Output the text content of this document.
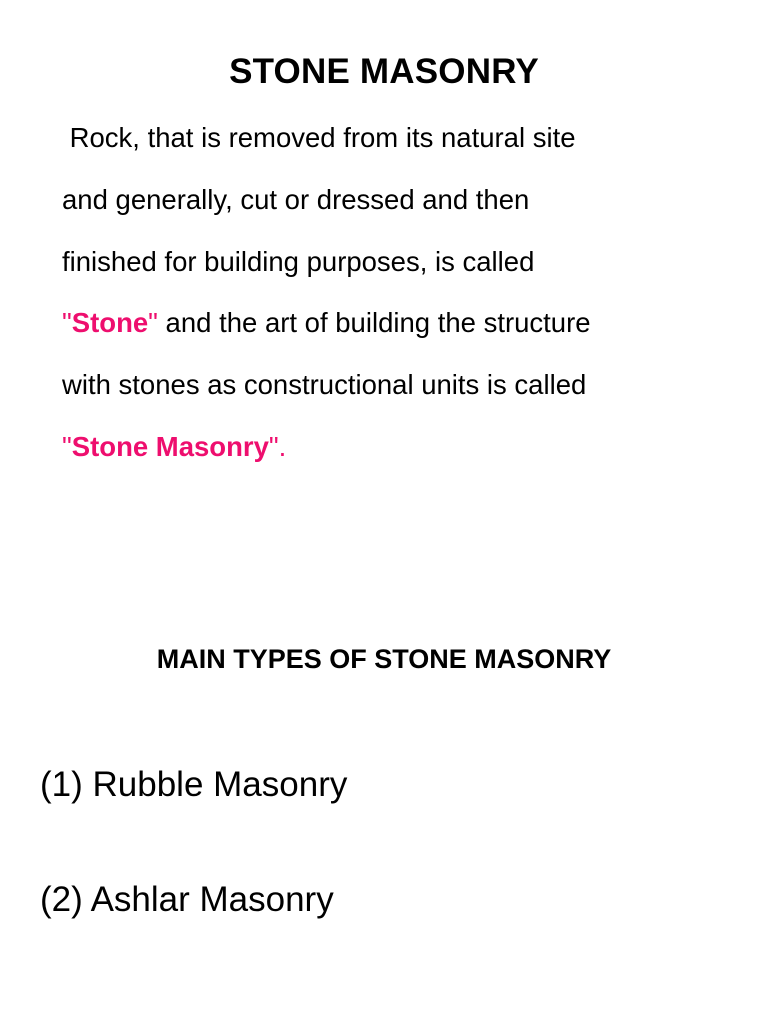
STONE MASONRY

Rock, that is removed from its natural site
and generally, cut or dressed and then
finished for building purposes, is called
"Stone" and the art of building the structure
with stones as constructional units is called
"Stone Masonry".

MAIN TYPES OF STONE MASONRY
(1) Rubble Masonry
(2) Ashlar Masonry
